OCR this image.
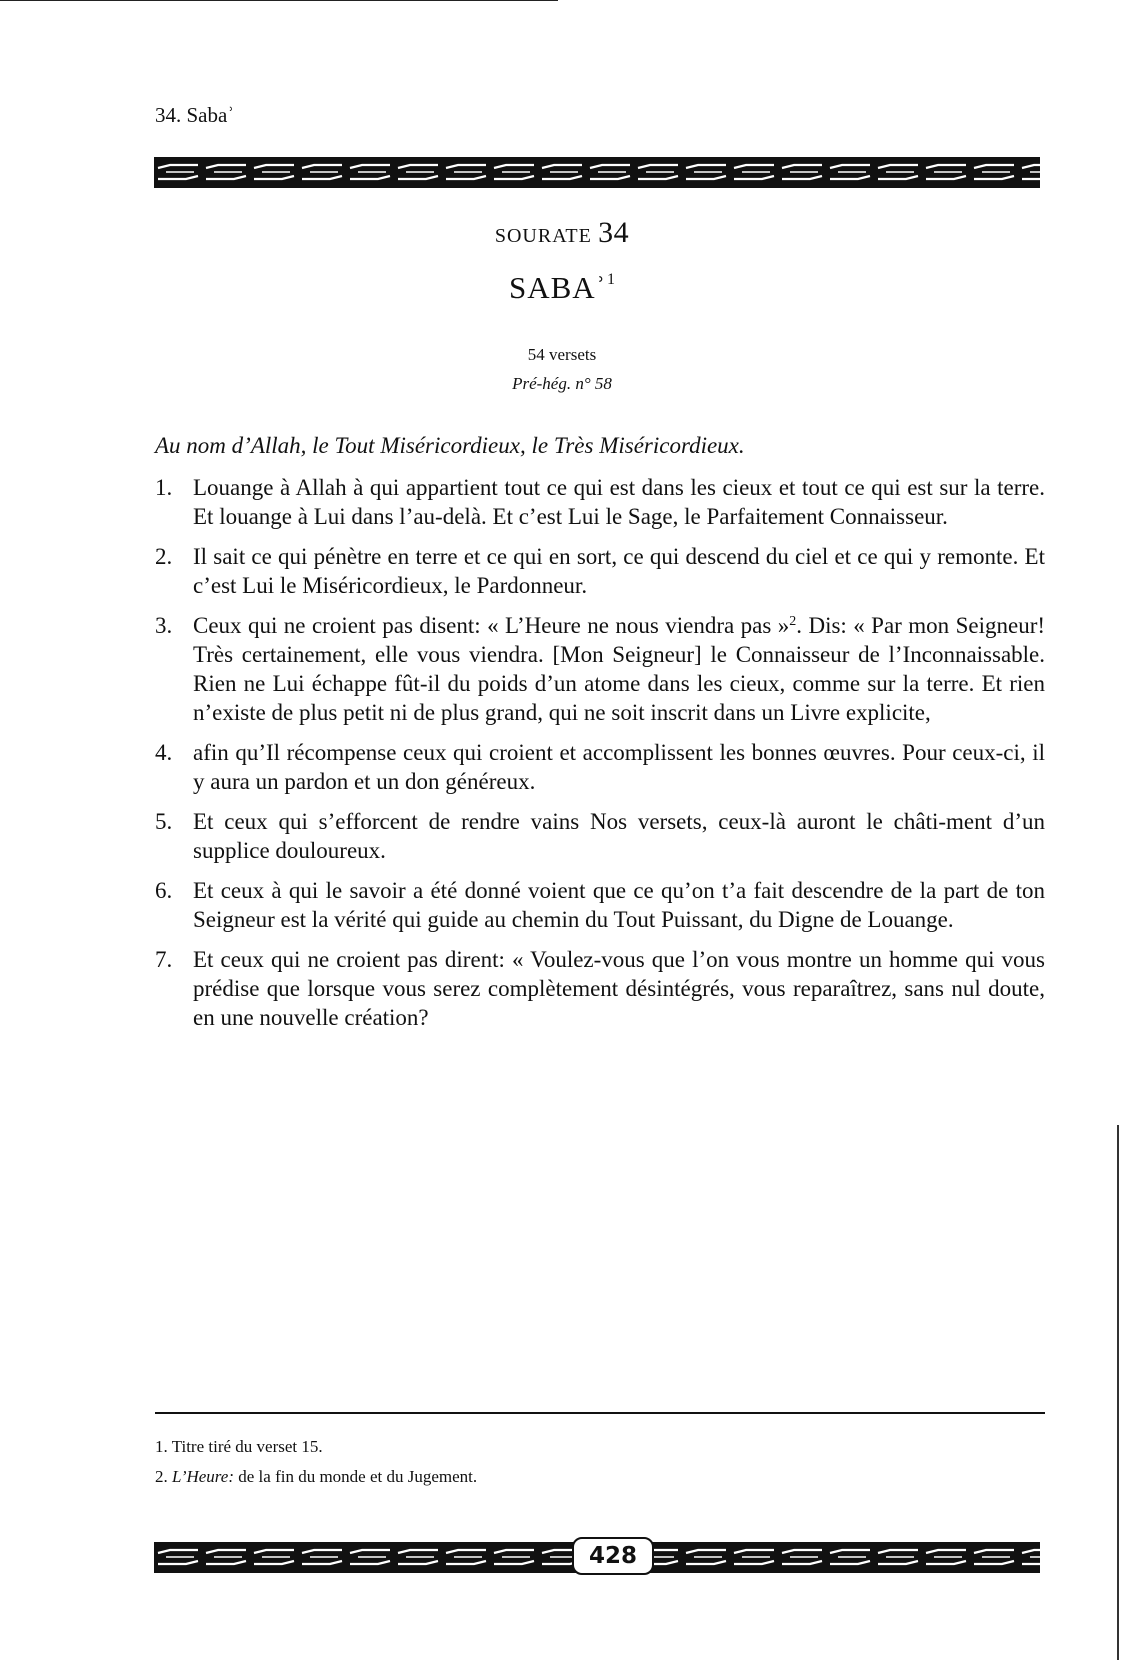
34. Sabaʾ
SOURATE 34
SABAʾ$^1$
54 versets
Pré-hég. n° 58
Au nom d’Allah, le Tout Miséricordieux, le Très Miséricordieux.
1. Louange à Allah à qui appartient tout ce qui est dans les cieux et tout ce qui est sur la terre. Et louange à Lui dans l’au-delà. Et c’est Lui le Sage, le Parfaitement Connaisseur.
2. Il sait ce qui pénètre en terre et ce qui en sort, ce qui descend du ciel et ce qui y remonte. Et c’est Lui le Miséricordieux, le Pardonneur.
3. Ceux qui ne croient pas disent: « L’Heure ne nous viendra pas »$^2$. Dis: « Par mon Seigneur! Très certainement, elle vous viendra. [Mon Seigneur] le Connaisseur de l’Inconnaissable. Rien ne Lui échappe fût-il du poids d’un atome dans les cieux, comme sur la terre. Et rien n’existe de plus petit ni de plus grand, qui ne soit inscrit dans un Livre explicite,
4. afin qu’Il récompense ceux qui croient et accomplissent les bonnes œuvres. Pour ceux-ci, il y aura un pardon et un don généreux.
5. Et ceux qui s’efforcent de rendre vains Nos versets, ceux-là auront le châti-ment d’un supplice douloureux.
6. Et ceux à qui le savoir a été donné voient que ce qu’on t’a fait descendre de la part de ton Seigneur est la vérité qui guide au chemin du Tout Puissant, du Digne de Louange.
7. Et ceux qui ne croient pas dirent: « Voulez-vous que l’on vous montre un homme qui vous prédise que lorsque vous serez complètement désintégrés, vous reparaîtrez, sans nul doute, en une nouvelle création?
1. Titre tiré du verset 15.
2. L’Heure: de la fin du monde et du Jugement.
428
